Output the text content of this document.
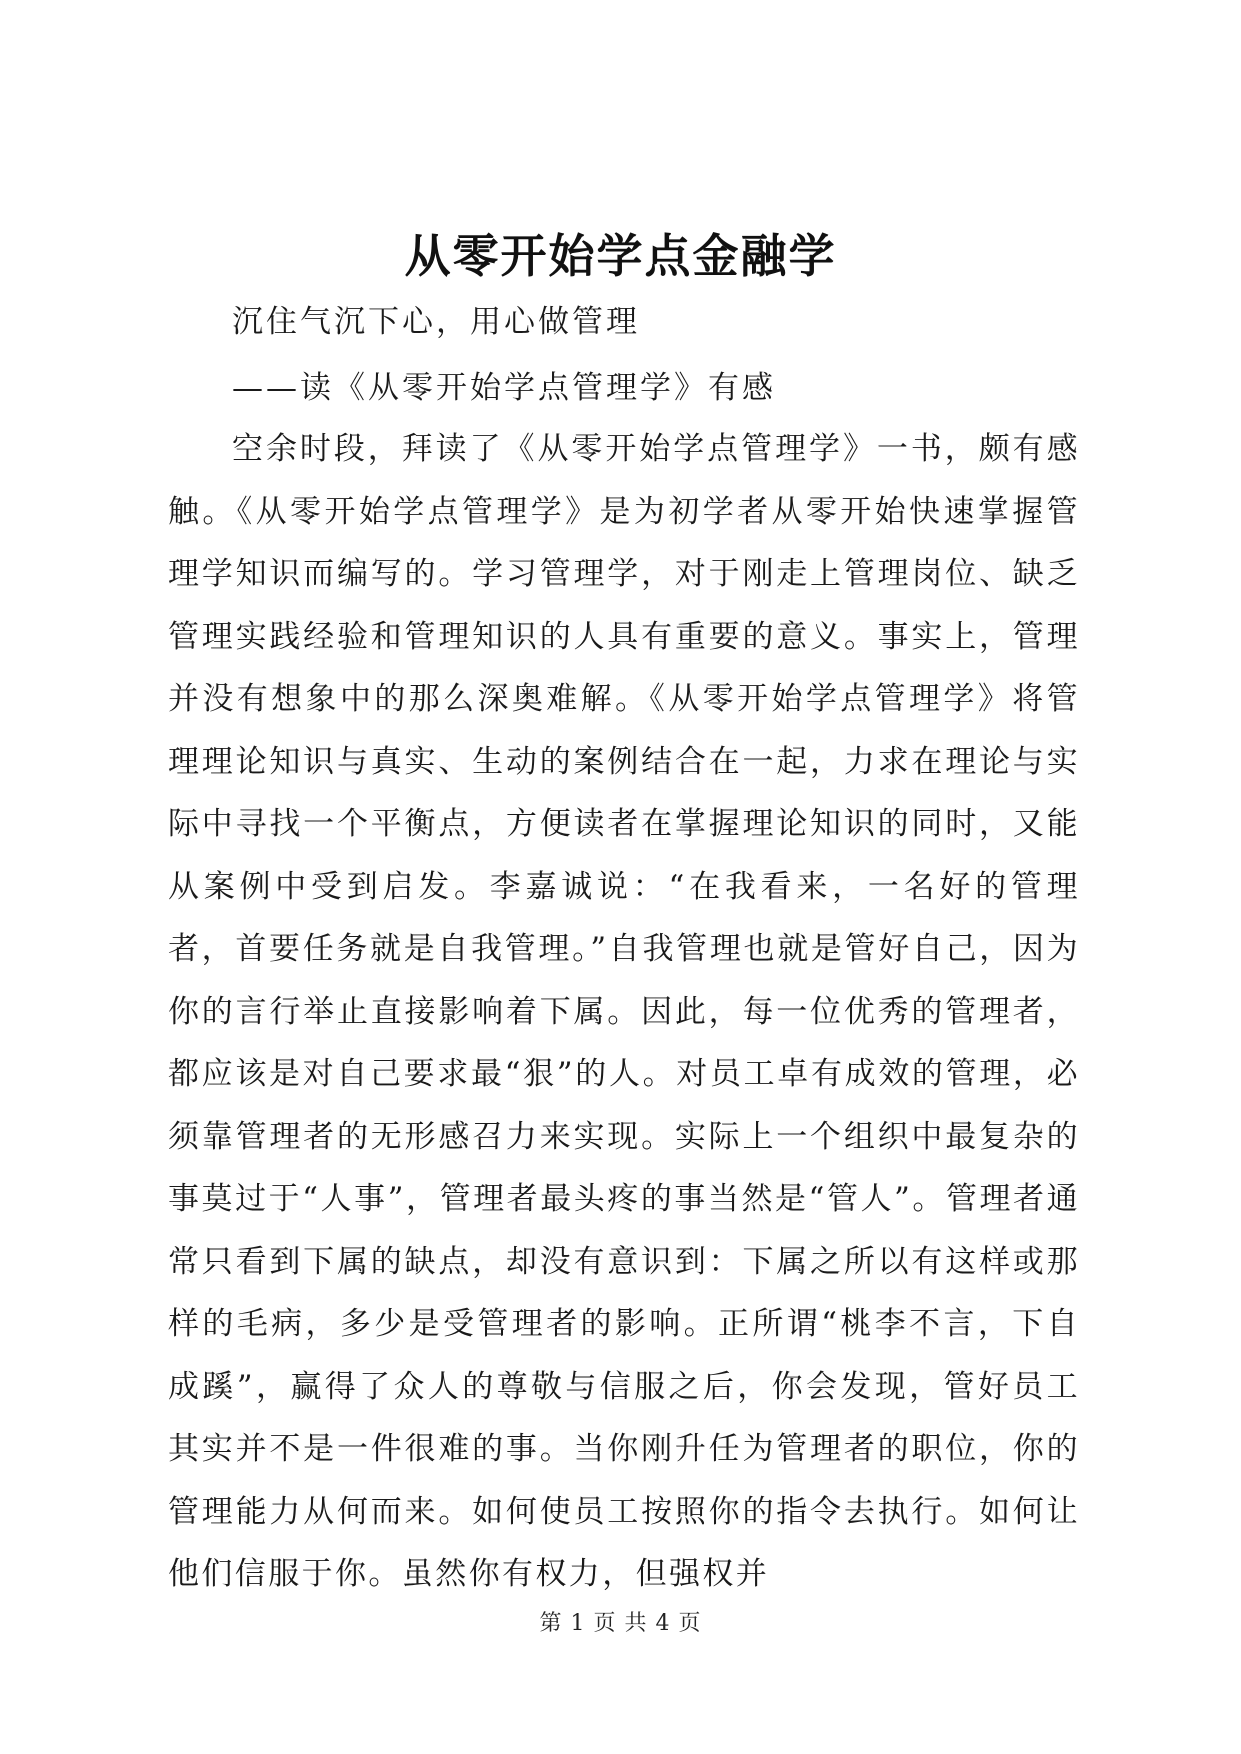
从零开始学点金融学

沉住气沉下心，用心做管理

——读《从零开始学点管理学》有感

空余时段，拜读了《从零开始学点管理学》一书，颇有感触。《从零开始学点管理学》是为初学者从零开始快速掌握管理学知识而编写的。学习管理学，对于刚走上管理岗位、缺乏管理实践经验和管理知识的人具有重要的意义。事实上，管理并没有想象中的那么深奥难解。《从零开始学点管理学》将管理理论知识与真实、生动的案例结合在一起，力求在理论与实际中寻找一个平衡点，方便读者在掌握理论知识的同时，又能从案例中受到启发。李嘉诚说：“在我看来，一名好的管理者，首要任务就是自我管理。”自我管理也就是管好自己，因为你的言行举止直接影响着下属。因此，每一位优秀的管理者，都应该是对自己要求最“狠”的人。对员工卓有成效的管理，必须靠管理者的无形感召力来实现。实际上一个组织中最复杂的事莫过于“人事”，管理者最头疼的事当然是“管人”。管理者通常只看到下属的缺点，却没有意识到：下属之所以有这样或那样的毛病，多少是受管理者的影响。正所谓“桃李不言，下自成蹊”，赢得了众人的尊敬与信服之后，你会发现，管好员工其实并不是一件很难的事。当你刚升任为管理者的职位，你的管理能力从何而来。如何使员工按照你的指令去执行。如何让他们信服于你。虽然你有权力，但强权并

第 1 页 共 4 页
